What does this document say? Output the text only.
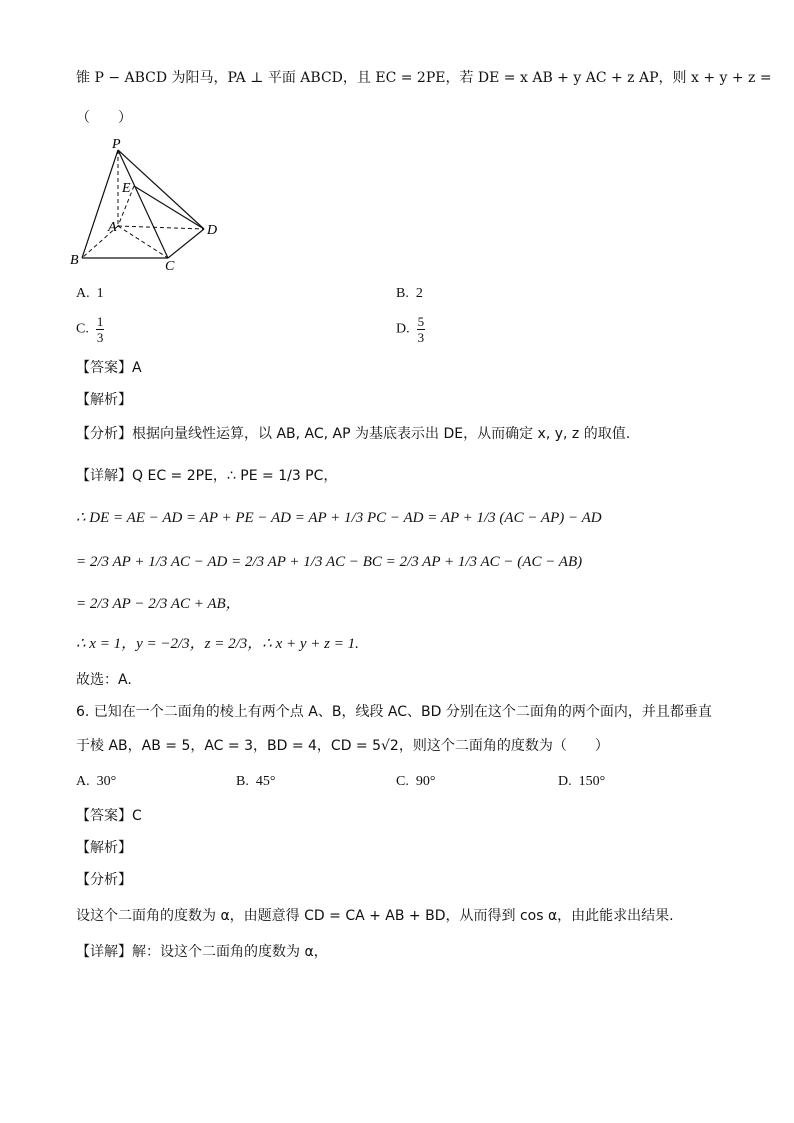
锥 P − ABCD 为阳马，PA ⊥ 平面 ABCD，且 EC = 2PE，若 DE = x AB + y AC + z AP，则 x + y + z =
（　　）
P
E
A
B	C
D
A. 1	B. 2
C. $\frac{1}{3}$	D. $\frac{5}{3}$
【答案】A
【解析】
【分析】根据向量线性运算，以 AB, AC, AP 为基底表示出 DE，从而确定 x, y, z 的取值.
【详解】Q EC = 2PE，∴ PE = 1/3 PC，
∴ DE = AE − AD = AP + PE − AD = AP + 1/3 PC − AD = AP + 1/3 (AC − AP) − AD
= 2/3 AP + 1/3 AC − AD = 2/3 AP + 1/3 AC − BC = 2/3 AP + 1/3 AC − (AC − AB)
= 2/3 AP − 2/3 AC + AB，
∴ x = 1，y = −2/3，z = 2/3，∴ x + y + z = 1.
故选：A.
6. 已知在一个二面角的棱上有两个点 A、B，线段 AC、BD 分别在这个二面角的两个面内，并且都垂直
于棱 AB，AB = 5，AC = 3，BD = 4，CD = 5√2，则这个二面角的度数为（　　）
A. 30°	B. 45°	C. 90°	D. 150°
【答案】C
【解析】
【分析】
设这个二面角的度数为 α，由题意得 CD = CA + AB + BD，从而得到 cos α，由此能求出结果.
【详解】解：设这个二面角的度数为 α，
